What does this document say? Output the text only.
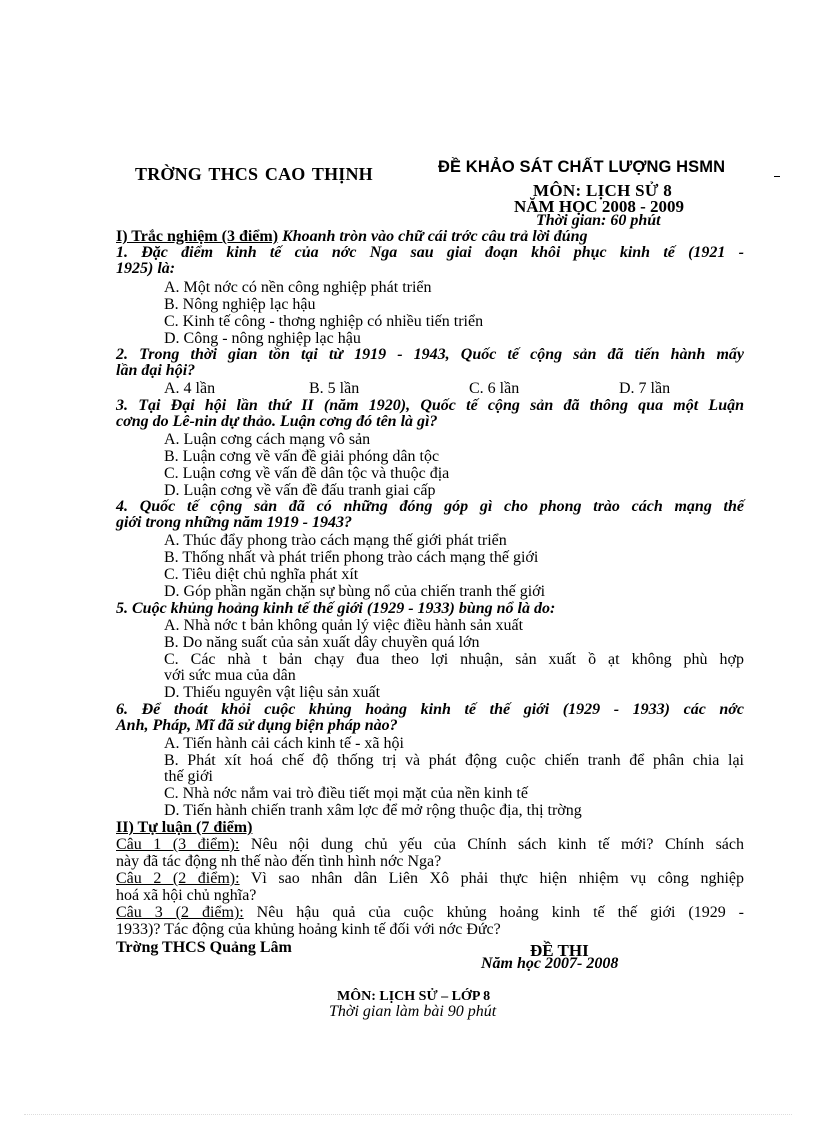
TRỜNG THCS CAO THỊNH	ĐỀ KHẢO SÁT CHẤT LƯỢNG HSMN
MÔN: LỊCH SỬ 8
NĂM HỌC 2008 - 2009
Thời gian: 60 phút
I) Trắc nghiệm (3 điểm) Khoanh tròn vào chữ cái trớc câu trả lời đúng
1. Đặc điểm kinh tế của nớc Nga sau giai đoạn khôi phục kinh tế (1921 -
1925) là:
A. Một nớc có nền công nghiệp phát triển
B. Nông nghiệp lạc hậu
C. Kinh tế công - thơng nghiệp có nhiều tiến triển
D. Công - nông nghiệp lạc hậu
2. Trong thời gian tồn tại từ 1919 - 1943, Quốc tế cộng sản đã tiến hành mấy
lần đại hội?
A. 4 lần	B. 5 lần	C. 6 lần	D. 7 lần
3. Tại Đại hội lần thứ II (năm 1920), Quốc tế cộng sản đã thông qua một Luận
cơng do Lê-nin dự thảo. Luận cơng đó tên là gì?
A. Luận cơng cách mạng vô sản
B. Luận cơng về vấn đề giải phóng dân tộc
C. Luận cơng về vấn đề dân tộc và thuộc địa
D. Luận cơng về vấn đề đấu tranh giai cấp
4. Quốc tế cộng sản đã có những đóng góp gì cho phong trào cách mạng thế
giới trong những năm 1919 - 1943?
A. Thúc đẩy phong trào cách mạng thế giới phát triển
B. Thống nhất và phát triển phong trào cách mạng thế giới
C. Tiêu diệt chủ nghĩa phát xít
D. Góp phần ngăn chặn sự bùng nổ của chiến tranh thế giới
5. Cuộc khủng hoảng kinh tế thế giới (1929 - 1933) bùng nổ là do:
A. Nhà nớc t bản không quản lý việc điều hành sản xuất
B. Do năng suất của sản xuất dây chuyền quá lớn
C. Các nhà t bản chạy đua theo lợi nhuận, sản xuất ồ ạt không phù hợp
với sức mua của dân
D. Thiếu nguyên vật liệu sản xuất
6. Để thoát khỏi cuộc khủng hoảng kinh tế thế giới (1929 - 1933) các nớc
Anh, Pháp, Mĩ đã sử dụng biện pháp nào?
A. Tiến hành cải cách kinh tế - xã hội
B. Phát xít hoá chế độ thống trị và phát động cuộc chiến tranh để phân chia lại
thế giới
C. Nhà nớc nắm vai trò điều tiết mọi mặt của nền kinh tế
D. Tiến hành chiến tranh xâm lợc để mở rộng thuộc địa, thị trờng
II) Tự luận (7 điểm)
Câu 1 (3 điểm): Nêu nội dung chủ yếu của Chính sách kinh tế mới? Chính sách
này đã tác động nh thế nào đến tình hình nớc Nga?
Câu 2 (2 điểm): Vì sao nhân dân Liên Xô phải thực hiện nhiệm vụ công nghiệp
hoá xã hội chủ nghĩa?
Câu 3 (2 điểm): Nêu hậu quả của cuộc khủng hoảng kinh tế thế giới (1929 -
1933)? Tác động của khủng hoảng kinh tế đối với nớc Đức?
Trờng THCS Quảng Lâm	ĐỀ THI
Năm học 2007- 2008
MÔN: LỊCH SỬ – LỚP 8
Thời gian làm bài 90 phút
